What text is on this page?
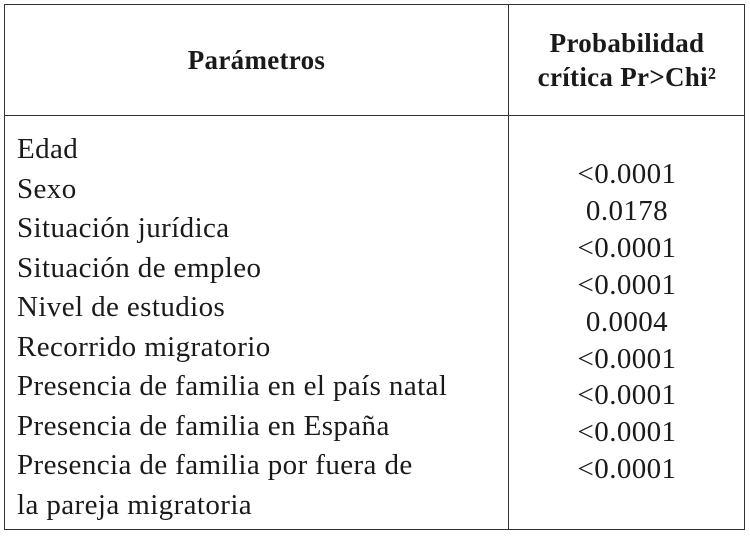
Parámetros
Probabilidad
crítica Pr>Chi²
Edad
Sexo
Situación jurídica
Situación de empleo
Nivel de estudios
Recorrido migratorio
Presencia de familia en el país natal
Presencia de familia en España
Presencia de familia por fuera de
la pareja migratoria
<0.0001
0.0178
<0.0001
<0.0001
0.0004
<0.0001
<0.0001
<0.0001
<0.0001
